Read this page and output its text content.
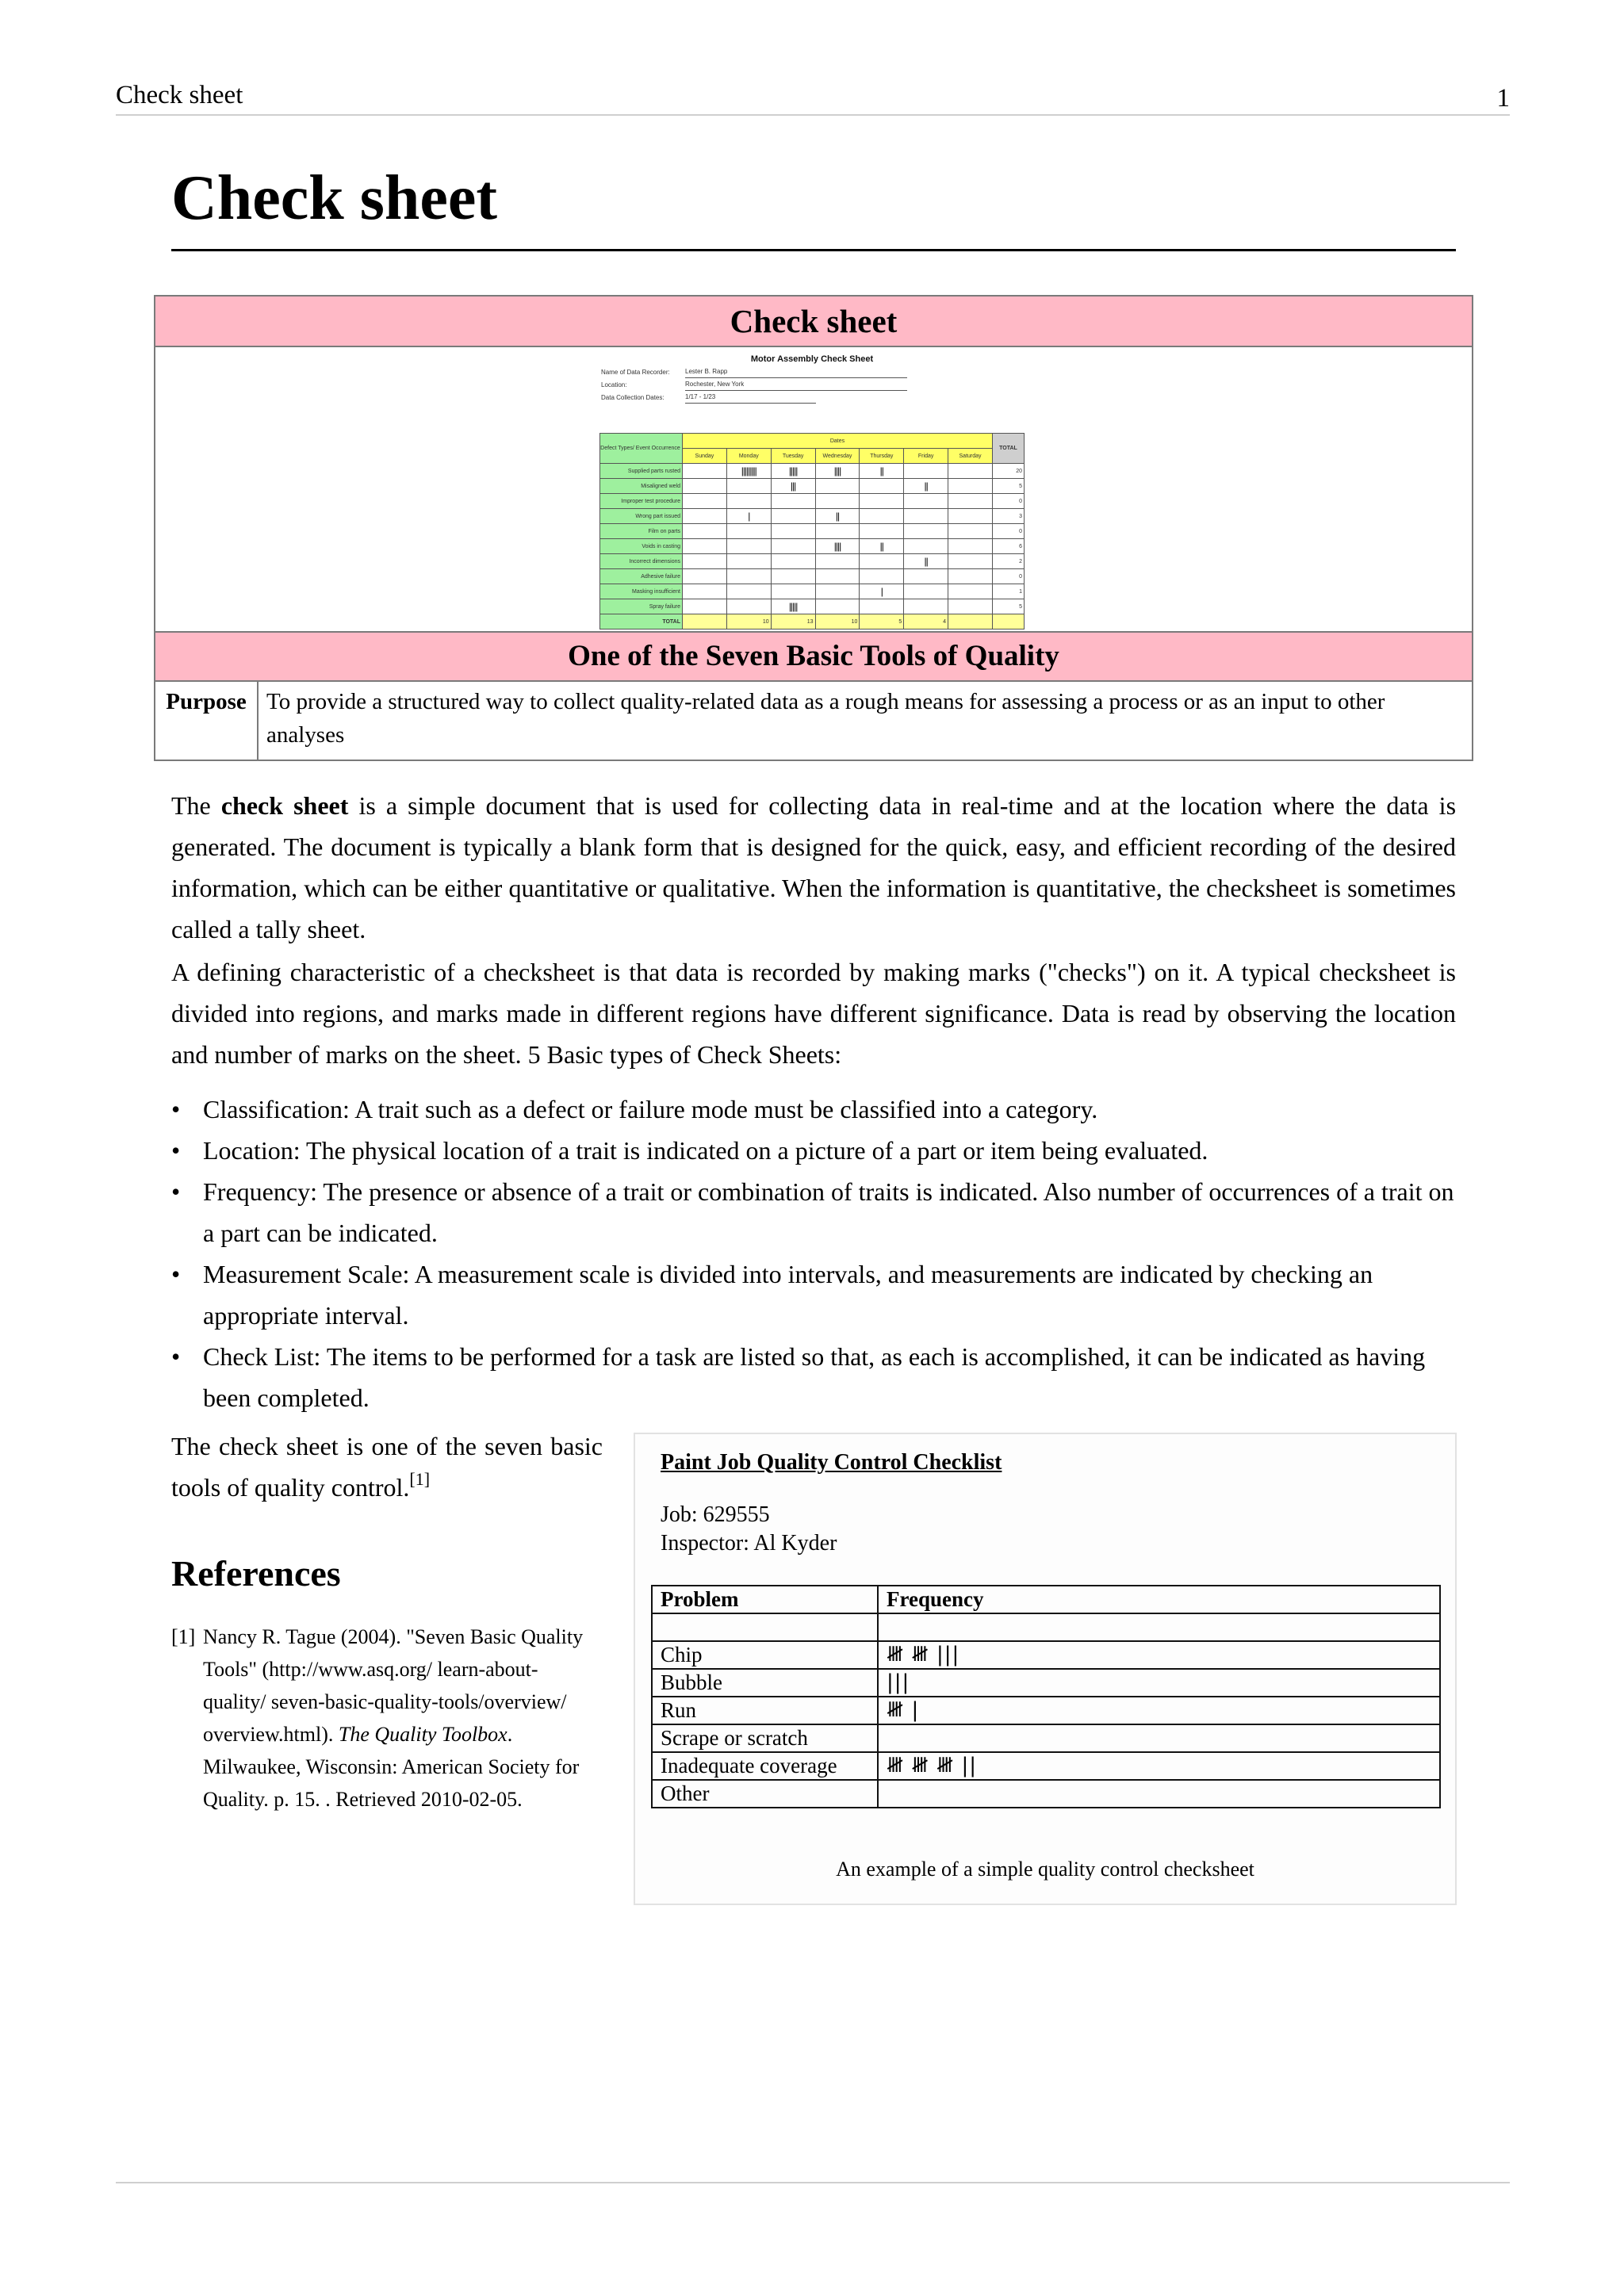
Check sheet	1
Check sheet
Check sheet
Motor Assembly Check Sheet
Name of Data Recorder: Lester B. Rapp
Location:	Rochester, New York
Data Collection Dates:	1/17 - 1/23
Defect Types/ Event Occurrence	Dates							TOTAL
	Sunday	Monday	Tuesday	Wednesday	Thursday	Friday	Saturday	
Supplied parts rusted		|||||||||	|||||	||||	||			20
Misaligned weld			|||			||		5
Improper test procedure								0
Wrong part issued		|		||				3
Film on parts								0
Voids in casting				||||	||			6
Incorrect dimensions						||		2
Adhesive failure								0
Masking insufficient					|			1
Spray failure			|||||					5
TOTAL		10	13	10	5	4		
One of the Seven Basic Tools of Quality
Purpose To provide a structured way to collect quality-related data as a rough means for assessing a process or as an input to other analyses

The check sheet is a simple document that is used for collecting data in real-time and at the location where the data is generated. The document is typically a blank form that is designed for the quick, easy, and efficient recording of the desired information, which can be either quantitative or qualitative. When the information is quantitative, the checksheet is sometimes called a tally sheet.

A defining characteristic of a checksheet is that data is recorded by making marks ("checks") on it. A typical checksheet is divided into regions, and marks made in different regions have different significance. Data is read by observing the location and number of marks on the sheet. 5 Basic types of Check Sheets:

• Classification: A trait such as a defect or failure mode must be classified into a category.
• Location: The physical location of a trait is indicated on a picture of a part or item being evaluated.
• Frequency: The presence or absence of a trait or combination of traits is indicated. Also number of occurrences of a trait on a part can be indicated.
• Measurement Scale: A measurement scale is divided into intervals, and measurements are indicated by checking an appropriate interval.
• Check List: The items to be performed for a task are listed so that, as each is accomplished, it can be indicated as having been completed.

The check sheet is one of the seven basic tools of quality control.[1]

References
[1] Nancy R. Tague (2004). "Seven Basic Quality Tools" (http://www.asq.org/ learn-about-quality/ seven-basic-quality-tools/overview/ overview.html). The Quality Toolbox. Milwaukee, Wisconsin: American Society for Quality. p. 15. . Retrieved 2010-02-05.
Paint Job Quality Control Checklist
Job: 629555
Inspector: Al Kyder
Problem	Frequency

Chip	𝍸 𝍸 |||
Bubble	|||
Run	𝍸 |
Scrape or scratch	
Inadequate coverage	𝍸 𝍸 𝍸 ||
Other	
An example of a simple quality control checksheet
